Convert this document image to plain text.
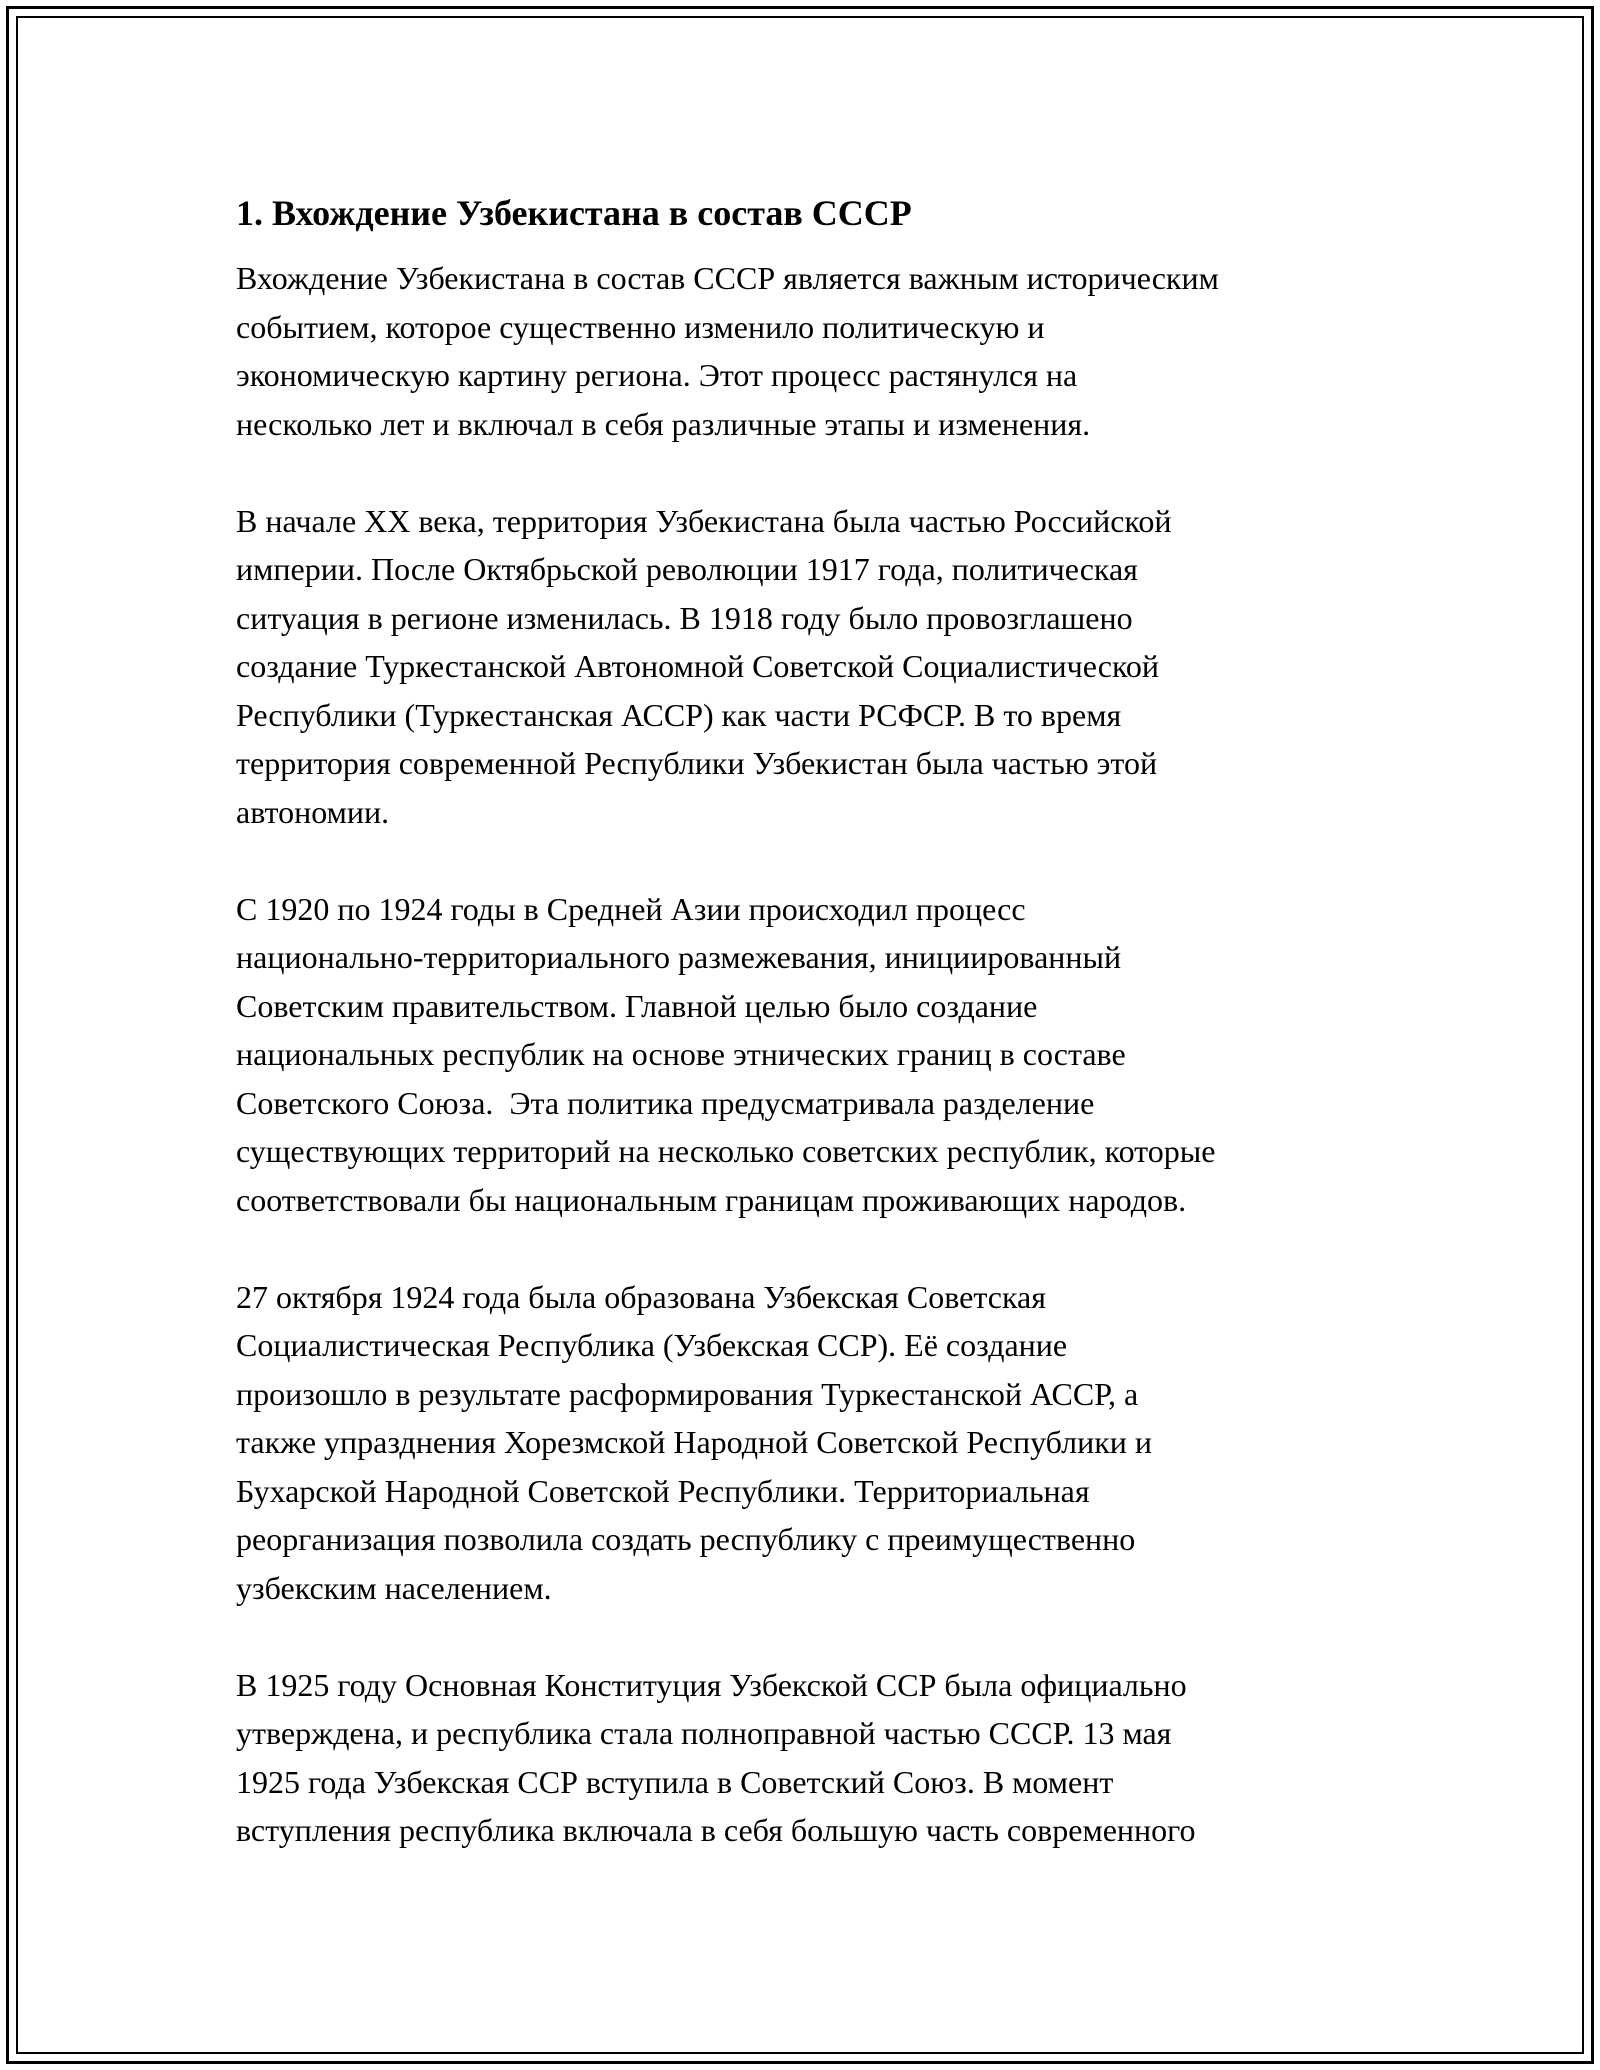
1. Вхождение Узбекистана в состав СССР

Вхождение Узбекистана в состав СССР является важным историческим
событием, которое существенно изменило политическую и
экономическую картину региона. Этот процесс растянулся на
несколько лет и включал в себя различные этапы и изменения.

В начале XX века, территория Узбекистана была частью Российской
империи. После Октябрьской революции 1917 года, политическая
ситуация в регионе изменилась. В 1918 году было провозглашено
создание Туркестанской Автономной Советской Социалистической
Республики (Туркестанская АССР) как части РСФСР. В то время
территория современной Республики Узбекистан была частью этой
автономии.

С 1920 по 1924 годы в Средней Азии происходил процесс
национально-территориального размежевания, инициированный
Советским правительством. Главной целью было создание
национальных республик на основе этнических границ в составе
Советского Союза.  Эта политика предусматривала разделение
существующих территорий на несколько советских республик, которые
соответствовали бы национальным границам проживающих народов.

27 октября 1924 года была образована Узбекская Советская
Социалистическая Республика (Узбекская ССР). Её создание
произошло в результате расформирования Туркестанской АССР, а
также упразднения Хорезмской Народной Советской Республики и
Бухарской Народной Советской Республики. Территориальная
реорганизация позволила создать республику с преимущественно
узбекским населением.

В 1925 году Основная Конституция Узбекской ССР была официально
утверждена, и республика стала полноправной частью СССР. 13 мая
1925 года Узбекская ССР вступила в Советский Союз. В момент
вступления республика включала в себя большую часть современного
